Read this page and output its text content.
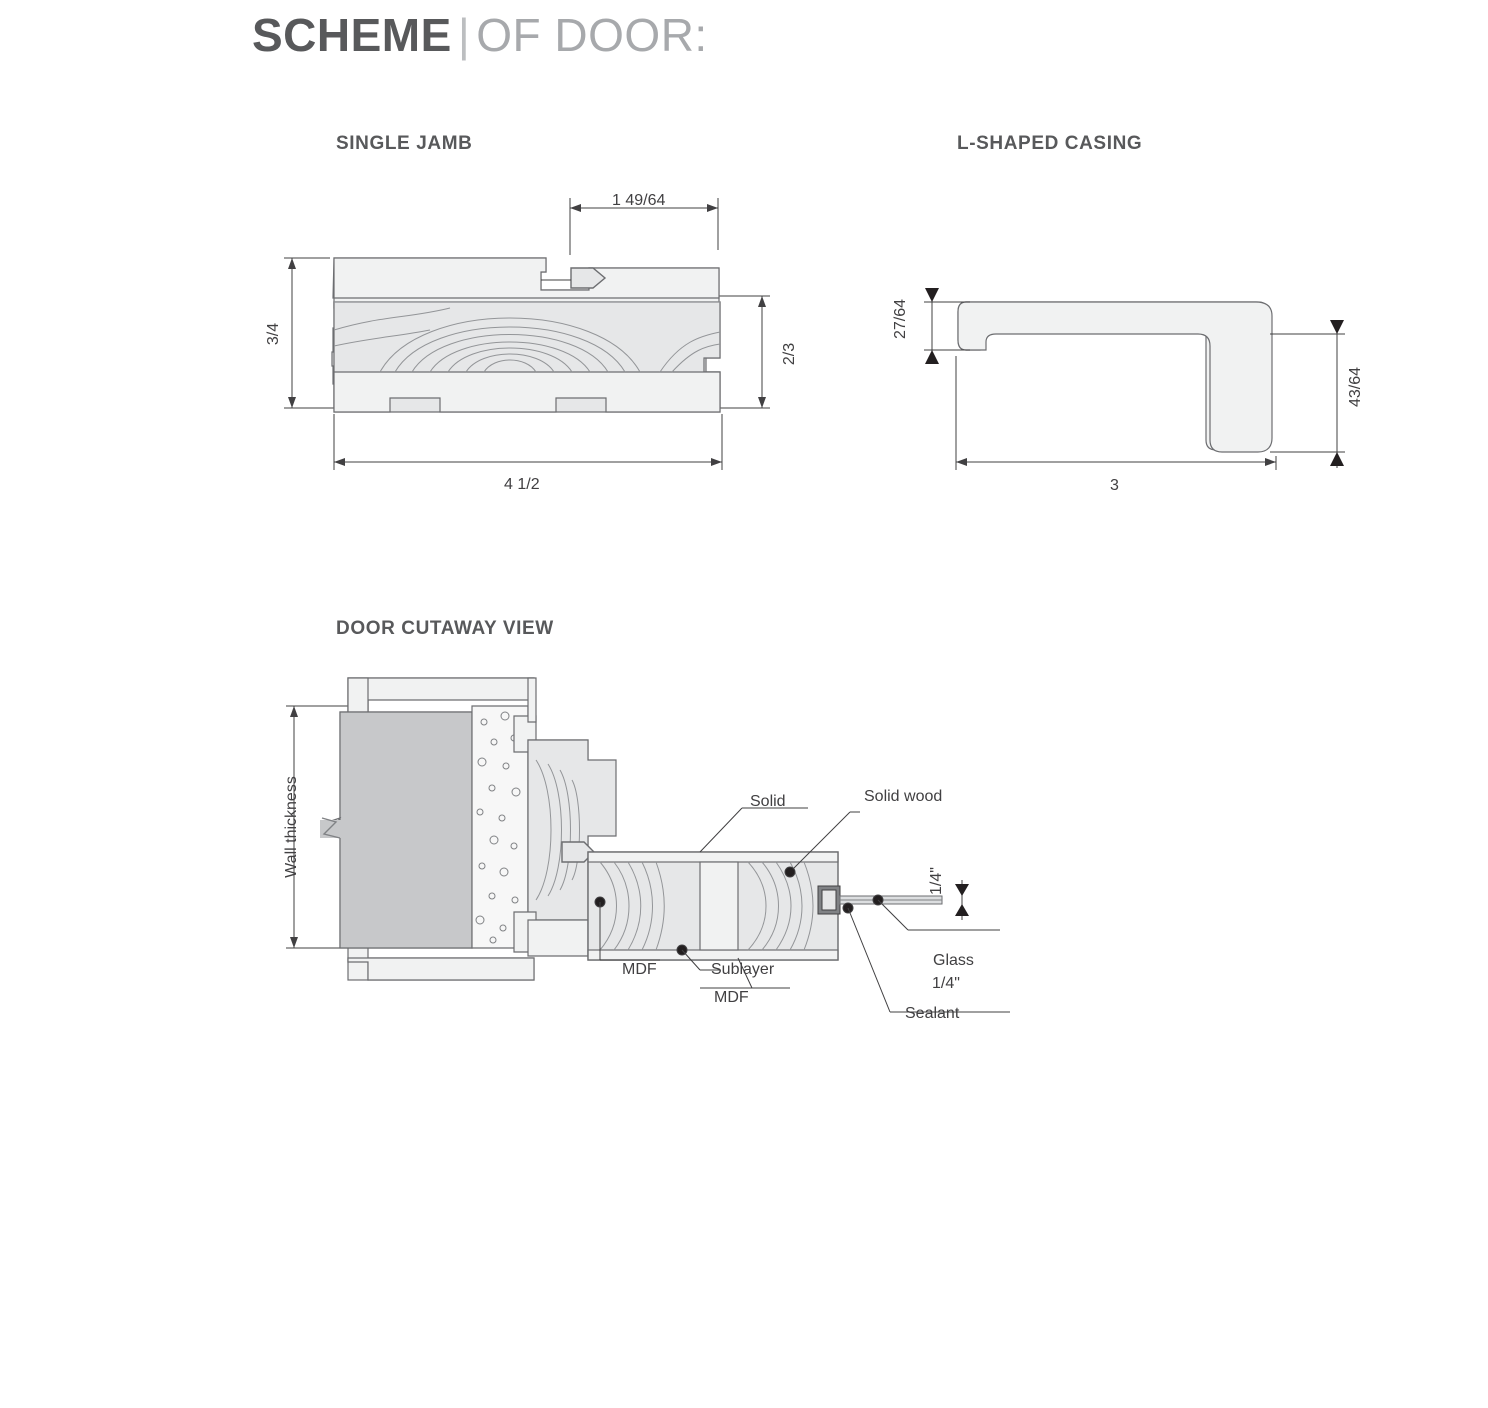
SCHEME | OF DOOR:
SINGLE JAMB	L-SHAPED CASING
DOOR CUTAWAY VIEW
1 49/64
3/4
2/3
4 1/2
27/64
43/64
3
Wall thickness	Solid	Solid wood
MDF	Sublayer
MDF
Glass
1/4"
1/4"
Sealant
